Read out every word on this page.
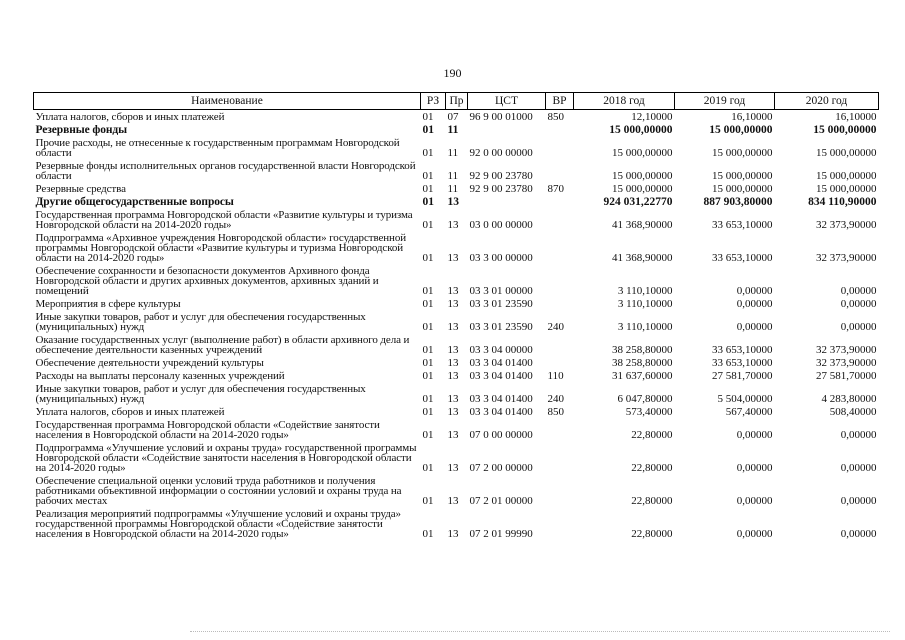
190
Наименование	РЗ	Пр	ЦСТ	ВР	2018 год	2019 год	2020 год
Уплата налогов, сборов и иных платежей	01	07	96 9 00 01000	850	12,10000	16,10000	16,10000
Резервные фонды	01	11			15 000,00000	15 000,00000	15 000,00000
Прочие расходы, не отнесенные к государственным программам Новгородской области	01	11	92 0 00 00000		15 000,00000	15 000,00000	15 000,00000
Резервные фонды исполнительных органов государственной власти Новгородской области	01	11	92 9 00 23780		15 000,00000	15 000,00000	15 000,00000
Резервные средства	01	11	92 9 00 23780	870	15 000,00000	15 000,00000	15 000,00000
Другие общегосударственные вопросы	01	13			924 031,22770	887 903,80000	834 110,90000
Государственная программа Новгородской области «Развитие культуры и туризма Новгородской области на 2014-2020 годы»	01	13	03 0 00 00000		41 368,90000	33 653,10000	32 373,90000
Подпрограмма «Архивное учреждения Новгородской области» государственной программы Новгородской области «Развитие культуры и туризма Новгородской области на 2014-2020 годы»	01	13	03 3 00 00000		41 368,90000	33 653,10000	32 373,90000
Обеспечение сохранности и безопасности документов Архивного фонда Новгородской области и других архивных документов, архивных зданий и помещений	01	13	03 3 01 00000		3 110,10000	0,00000	0,00000
Мероприятия в сфере культуры	01	13	03 3 01 23590		3 110,10000	0,00000	0,00000
Иные закупки товаров, работ и услуг для обеспечения государственных (муниципальных) нужд	01	13	03 3 01 23590	240	3 110,10000	0,00000	0,00000
Оказание государственных услуг (выполнение работ) в области архивного дела и обеспечение деятельности казенных учреждений	01	13	03 3 04 00000		38 258,80000	33 653,10000	32 373,90000
Обеспечение деятельности учреждений культуры	01	13	03 3 04 01400		38 258,80000	33 653,10000	32 373,90000
Расходы на выплаты персоналу казенных учреждений	01	13	03 3 04 01400	110	31 637,60000	27 581,70000	27 581,70000
Иные закупки товаров, работ и услуг для обеспечения государственных (муниципальных) нужд	01	13	03 3 04 01400	240	6 047,80000	5 504,00000	4 283,80000
Уплата налогов, сборов и иных платежей	01	13	03 3 04 01400	850	573,40000	567,40000	508,40000
Государственная программа Новгородской области «Содействие занятости населения в Новгородской области на 2014-2020 годы»	01	13	07 0 00 00000		22,80000	0,00000	0,00000
Подпрограмма «Улучшение условий и охраны труда» государственной программы Новгородской области «Содействие занятости населения в Новгородской области на 2014-2020 годы»	01	13	07 2 00 00000		22,80000	0,00000	0,00000
Обеспечение специальной оценки условий труда работников и получения работниками объективной информации о состоянии условий и охраны труда на рабочих местах	01	13	07 2 01 00000		22,80000	0,00000	0,00000
Реализация мероприятий подпрограммы «Улучшение условий и охраны труда» государственной программы Новгородской области «Содействие занятости населения в Новгородской области на 2014-2020 годы»	01	13	07 2 01 99990		22,80000	0,00000	0,00000
